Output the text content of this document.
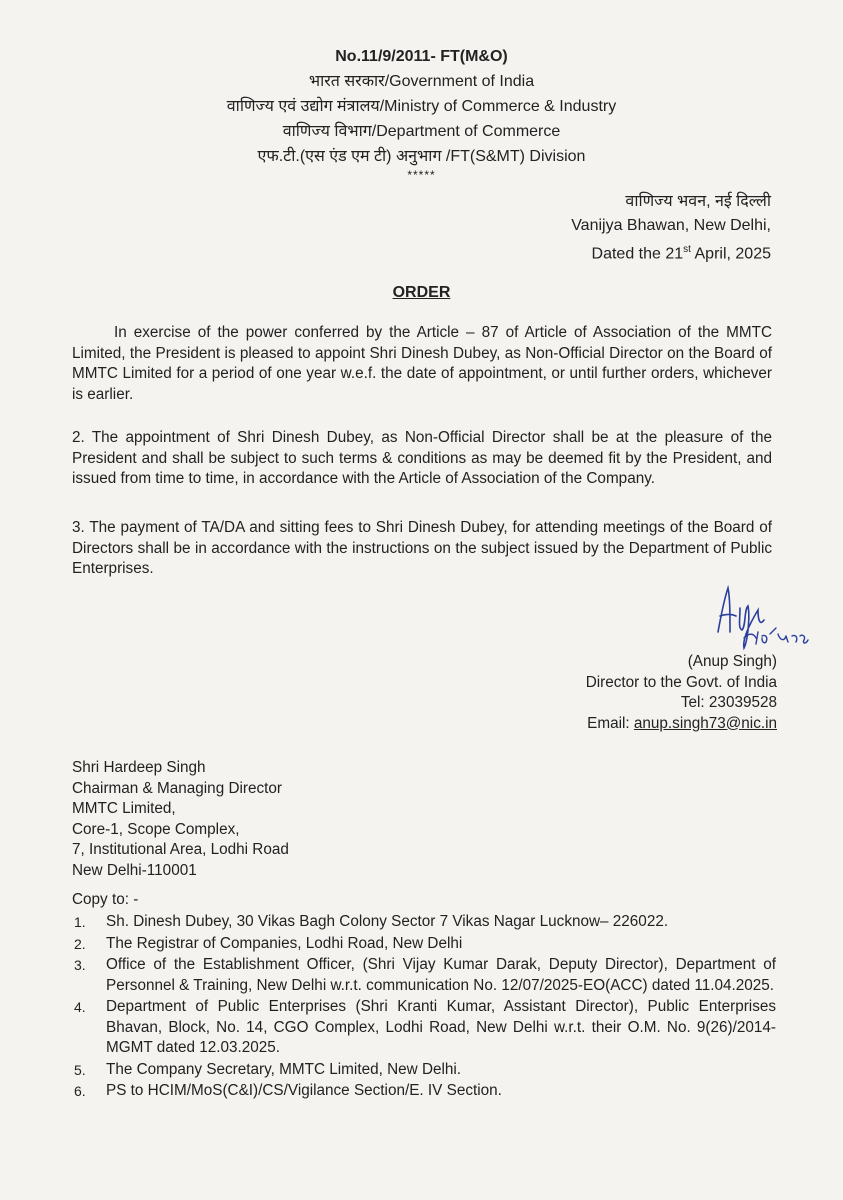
No.11/9/2011- FT(M&O)
भारत सरकार/Government of India
वाणिज्य एवं उद्योग मंत्रालय/Ministry of Commerce & Industry
वाणिज्य विभाग/Department of Commerce
एफ.टी.(एस एंड एम टी) अनुभाग /FT(S&MT) Division
*****
वाणिज्य भवन, नई दिल्ली
Vanijya Bhawan, New Delhi,
Dated the 21st April, 2025
ORDER
In exercise of the power conferred by the Article – 87 of Article of Association of the MMTC Limited, the President is pleased to appoint Shri Dinesh Dubey, as Non-Official Director on the Board of MMTC Limited for a period of one year w.e.f. the date of appointment, or until further orders, whichever is earlier.
2. The appointment of Shri Dinesh Dubey, as Non-Official Director shall be at the pleasure of the President and shall be subject to such terms & conditions as may be deemed fit by the President, and issued from time to time, in accordance with the Article of Association of the Company.
3. The payment of TA/DA and sitting fees to Shri Dinesh Dubey, for attending meetings of the Board of Directors shall be in accordance with the instructions on the subject issued by the Department of Public Enterprises.
(Anup Singh)
Director to the Govt. of India
Tel: 23039528
Email: anup.singh73@nic.in
Shri Hardeep Singh
Chairman & Managing Director
MMTC Limited,
Core-1, Scope Complex,
7, Institutional Area, Lodhi Road
New Delhi-110001
Copy to: -
1. Sh. Dinesh Dubey, 30 Vikas Bagh Colony Sector 7 Vikas Nagar Lucknow– 226022.
2. The Registrar of Companies, Lodhi Road, New Delhi
3. Office of the Establishment Officer, (Shri Vijay Kumar Darak, Deputy Director), Department of Personnel & Training, New Delhi w.r.t. communication No. 12/07/2025-EO(ACC) dated 11.04.2025.
4. Department of Public Enterprises (Shri Kranti Kumar, Assistant Director), Public Enterprises Bhavan, Block, No. 14, CGO Complex, Lodhi Road, New Delhi w.r.t. their O.M. No. 9(26)/2014-MGMT dated 12.03.2025.
5. The Company Secretary, MMTC Limited, New Delhi.
6. PS to HCIM/MoS(C&I)/CS/Vigilance Section/E. IV Section.
